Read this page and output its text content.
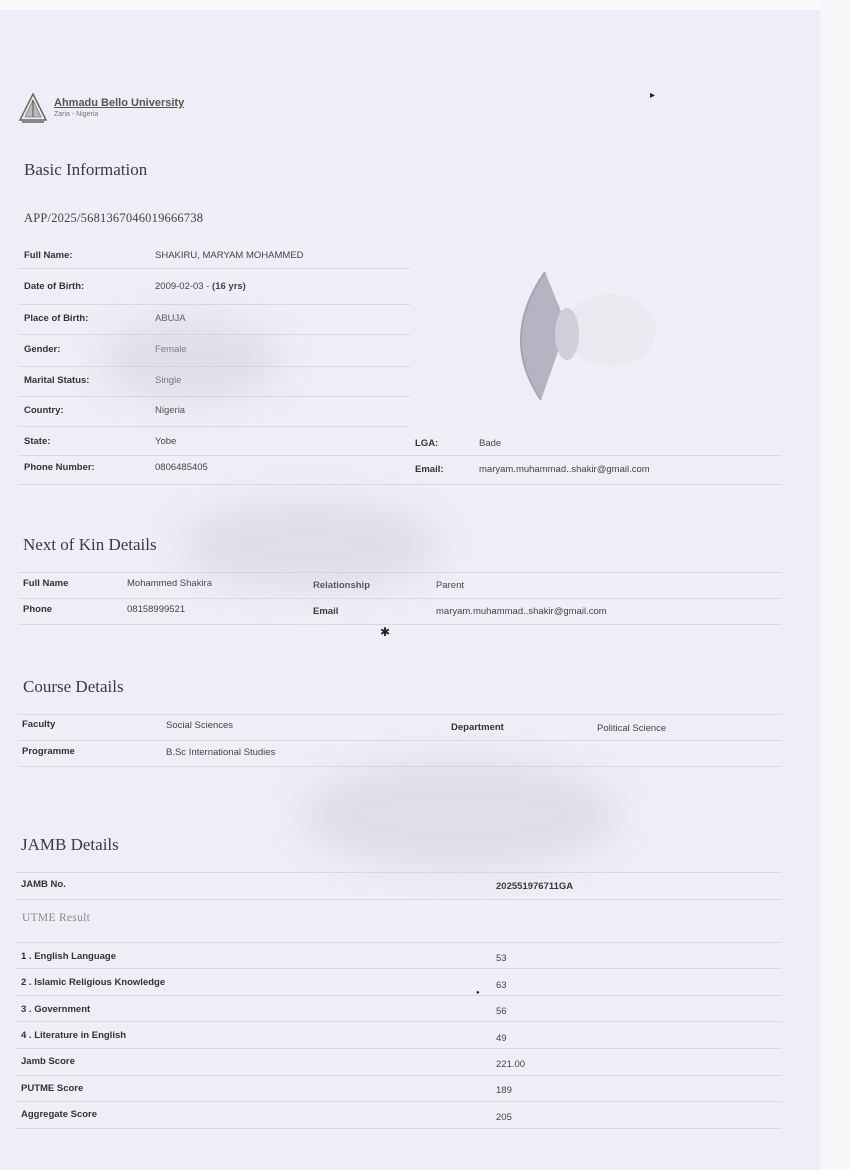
Ahmadu Bello University
Zaria - Nigeria
Basic Information
APP/2025/5681367046019666738
Full Name:	SHAKIRU, MARYAM MOHAMMED
Date of Birth:	2009-02-03 - (16 yrs)
Place of Birth:	ABUJA
Gender:	Female
Marital Status:	Single
Country:	Nigeria
State:	Yobe	LGA:	Bade
Phone Number:	0806485405	Email:	maryam.muhammad..shakir@gmail.com
Next of Kin Details
Full Name	Mohammed Shakira	Relationship	Parent
Phone	08158999521	Email	maryam.muhammad..shakir@gmail.com
Course Details
Faculty	Social Sciences	Department	Political Science
Programme	B.Sc International Studies
JAMB Details
JAMB No.	202551976711GA
UTME Result
1 . English Language	53
2 . Islamic Religious Knowledge	63
3 . Government	56
4 . Literature in English	49
Jamb Score	221.00
PUTME Score	189
Aggregate Score	205
✱
▸
●
